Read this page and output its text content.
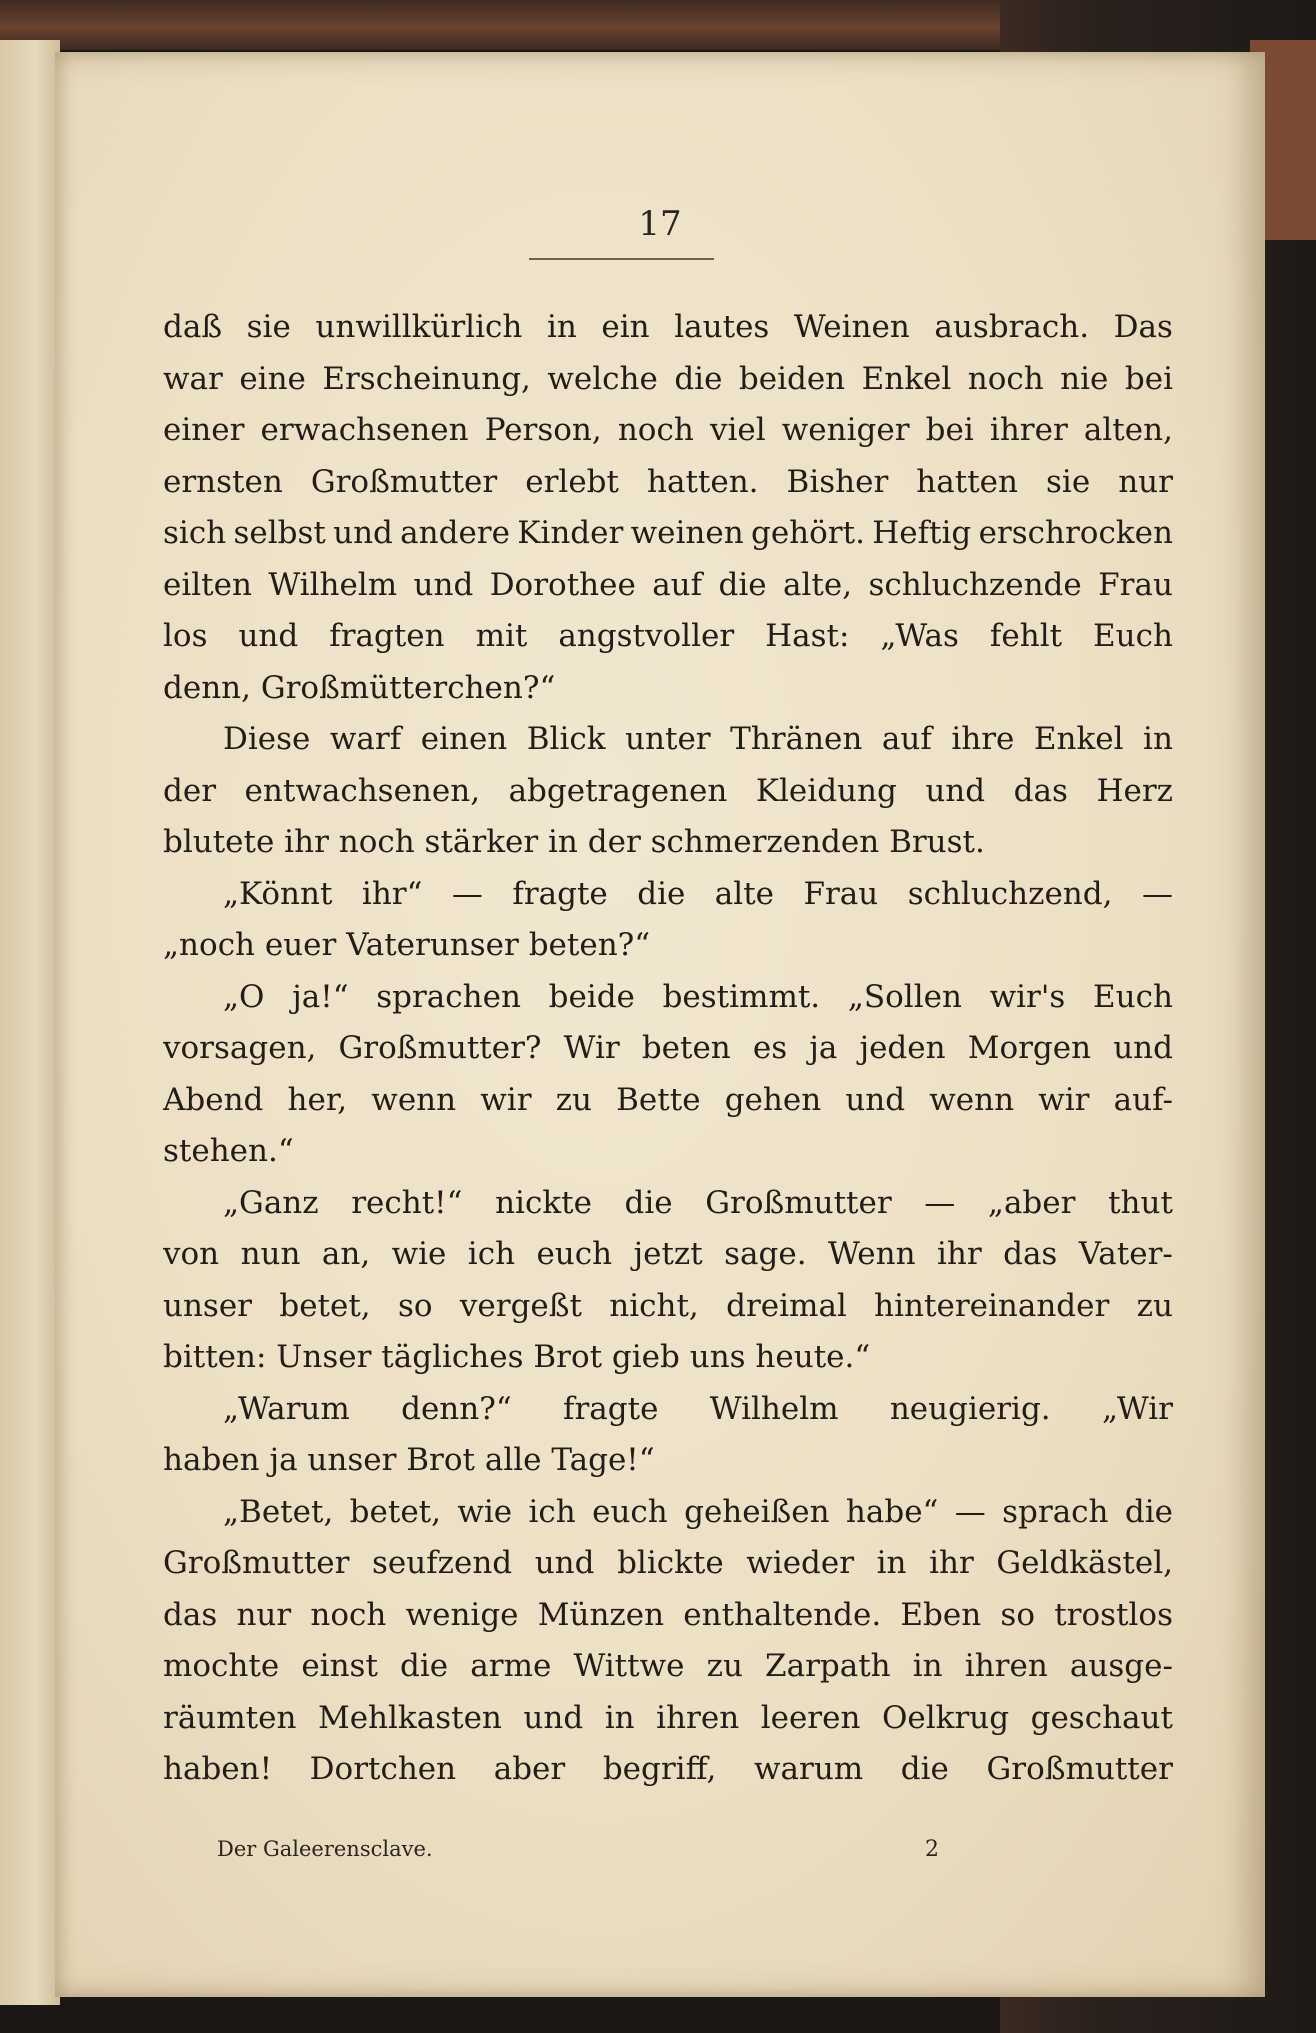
17
daß sie unwillkürlich in ein lautes Weinen ausbrach. Das
war eine Erscheinung, welche die beiden Enkel noch nie bei
einer erwachsenen Person, noch viel weniger bei ihrer alten,
ernsten Großmutter erlebt hatten. Bisher hatten sie nur
sich selbst und andere Kinder weinen gehört. Heftig erschrocken
eilten Wilhelm und Dorothee auf die alte, schluchzende Frau
los und fragten mit angstvoller Hast: „Was fehlt Euch
denn, Großmütterchen?“
Diese warf einen Blick unter Thränen auf ihre Enkel in
der entwachsenen, abgetragenen Kleidung und das Herz
blutete ihr noch stärker in der schmerzenden Brust.
„Könnt ihr“ — fragte die alte Frau schluchzend, —
„noch euer Vaterunser beten?“
„O ja!“ sprachen beide bestimmt. „Sollen wir's Euch
vorsagen, Großmutter? Wir beten es ja jeden Morgen und
Abend her, wenn wir zu Bette gehen und wenn wir auf-
stehen.“
„Ganz recht!“ nickte die Großmutter — „aber thut
von nun an, wie ich euch jetzt sage. Wenn ihr das Vater-
unser betet, so vergeßt nicht, dreimal hintereinander zu
bitten: Unser tägliches Brot gieb uns heute.“
„Warum denn?“ fragte Wilhelm neugierig. „Wir
haben ja unser Brot alle Tage!“
„Betet, betet, wie ich euch geheißen habe“ — sprach die
Großmutter seufzend und blickte wieder in ihr Geldkästel,
das nur noch wenige Münzen enthaltende. Eben so trostlos
mochte einst die arme Wittwe zu Zarpath in ihren ausge-
räumten Mehlkasten und in ihren leeren Oelkrug geschaut
haben! Dortchen aber begriff, warum die Großmutter
Der Galeerensclave.	2
